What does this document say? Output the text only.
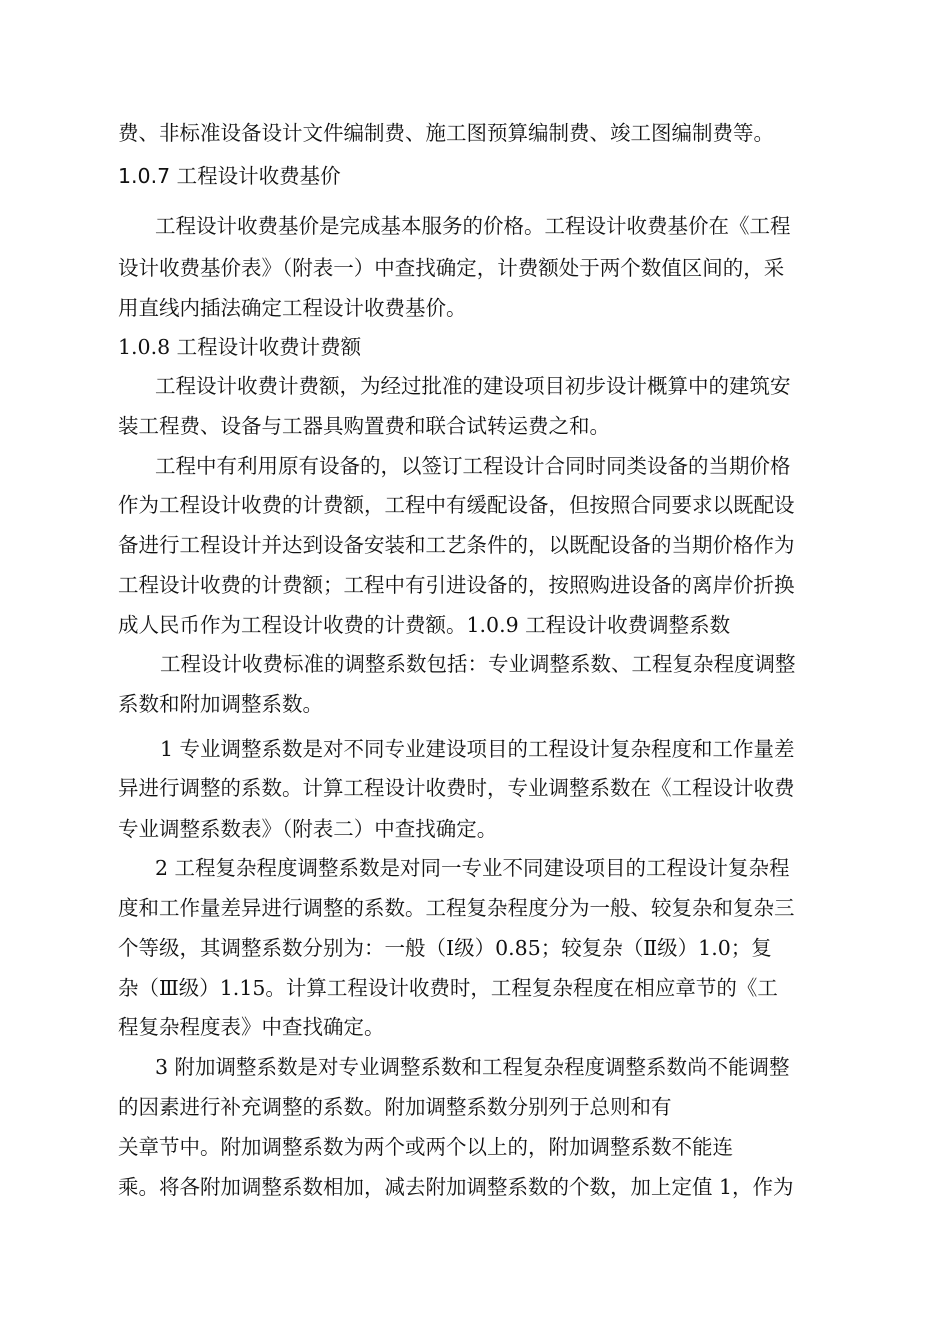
费、非标准设备设计文件编制费、施工图预算编制费、竣工图编制费等。
1.0.7 工程设计收费基价
工程设计收费基价是完成基本服务的价格。工程设计收费基价在《工程
设计收费基价表》（附表一）中查找确定，计费额处于两个数值区间的，采
用直线内插法确定工程设计收费基价。
1.0.8 工程设计收费计费额
工程设计收费计费额，为经过批准的建设项目初步设计概算中的建筑安
装工程费、设备与工器具购置费和联合试转运费之和。
工程中有利用原有设备的，以签订工程设计合同时同类设备的当期价格
作为工程设计收费的计费额，工程中有缓配设备，但按照合同要求以既配设
备进行工程设计并达到设备安装和工艺条件的，以既配设备的当期价格作为
工程设计收费的计费额；工程中有引进设备的，按照购进设备的离岸价折换
成人民币作为工程设计收费的计费额。1.0.9 工程设计收费调整系数
工程设计收费标准的调整系数包括：专业调整系数、工程复杂程度调整
系数和附加调整系数。
1 专业调整系数是对不同专业建设项目的工程设计复杂程度和工作量差
异进行调整的系数。计算工程设计收费时，专业调整系数在《工程设计收费
专业调整系数表》（附表二）中查找确定。
2 工程复杂程度调整系数是对同一专业不同建设项目的工程设计复杂程
度和工作量差异进行调整的系数。工程复杂程度分为一般、较复杂和复杂三
个等级，其调整系数分别为：一般（Ⅰ级）0.85；较复杂（Ⅱ级）1.0；复
杂（Ⅲ级）1.15。计算工程设计收费时，工程复杂程度在相应章节的《工
程复杂程度表》中查找确定。
3 附加调整系数是对专业调整系数和工程复杂程度调整系数尚不能调整
的因素进行补充调整的系数。附加调整系数分别列于总则和有
关章节中。附加调整系数为两个或两个以上的，附加调整系数不能连
乘。将各附加调整系数相加，减去附加调整系数的个数，加上定值 1，作为
